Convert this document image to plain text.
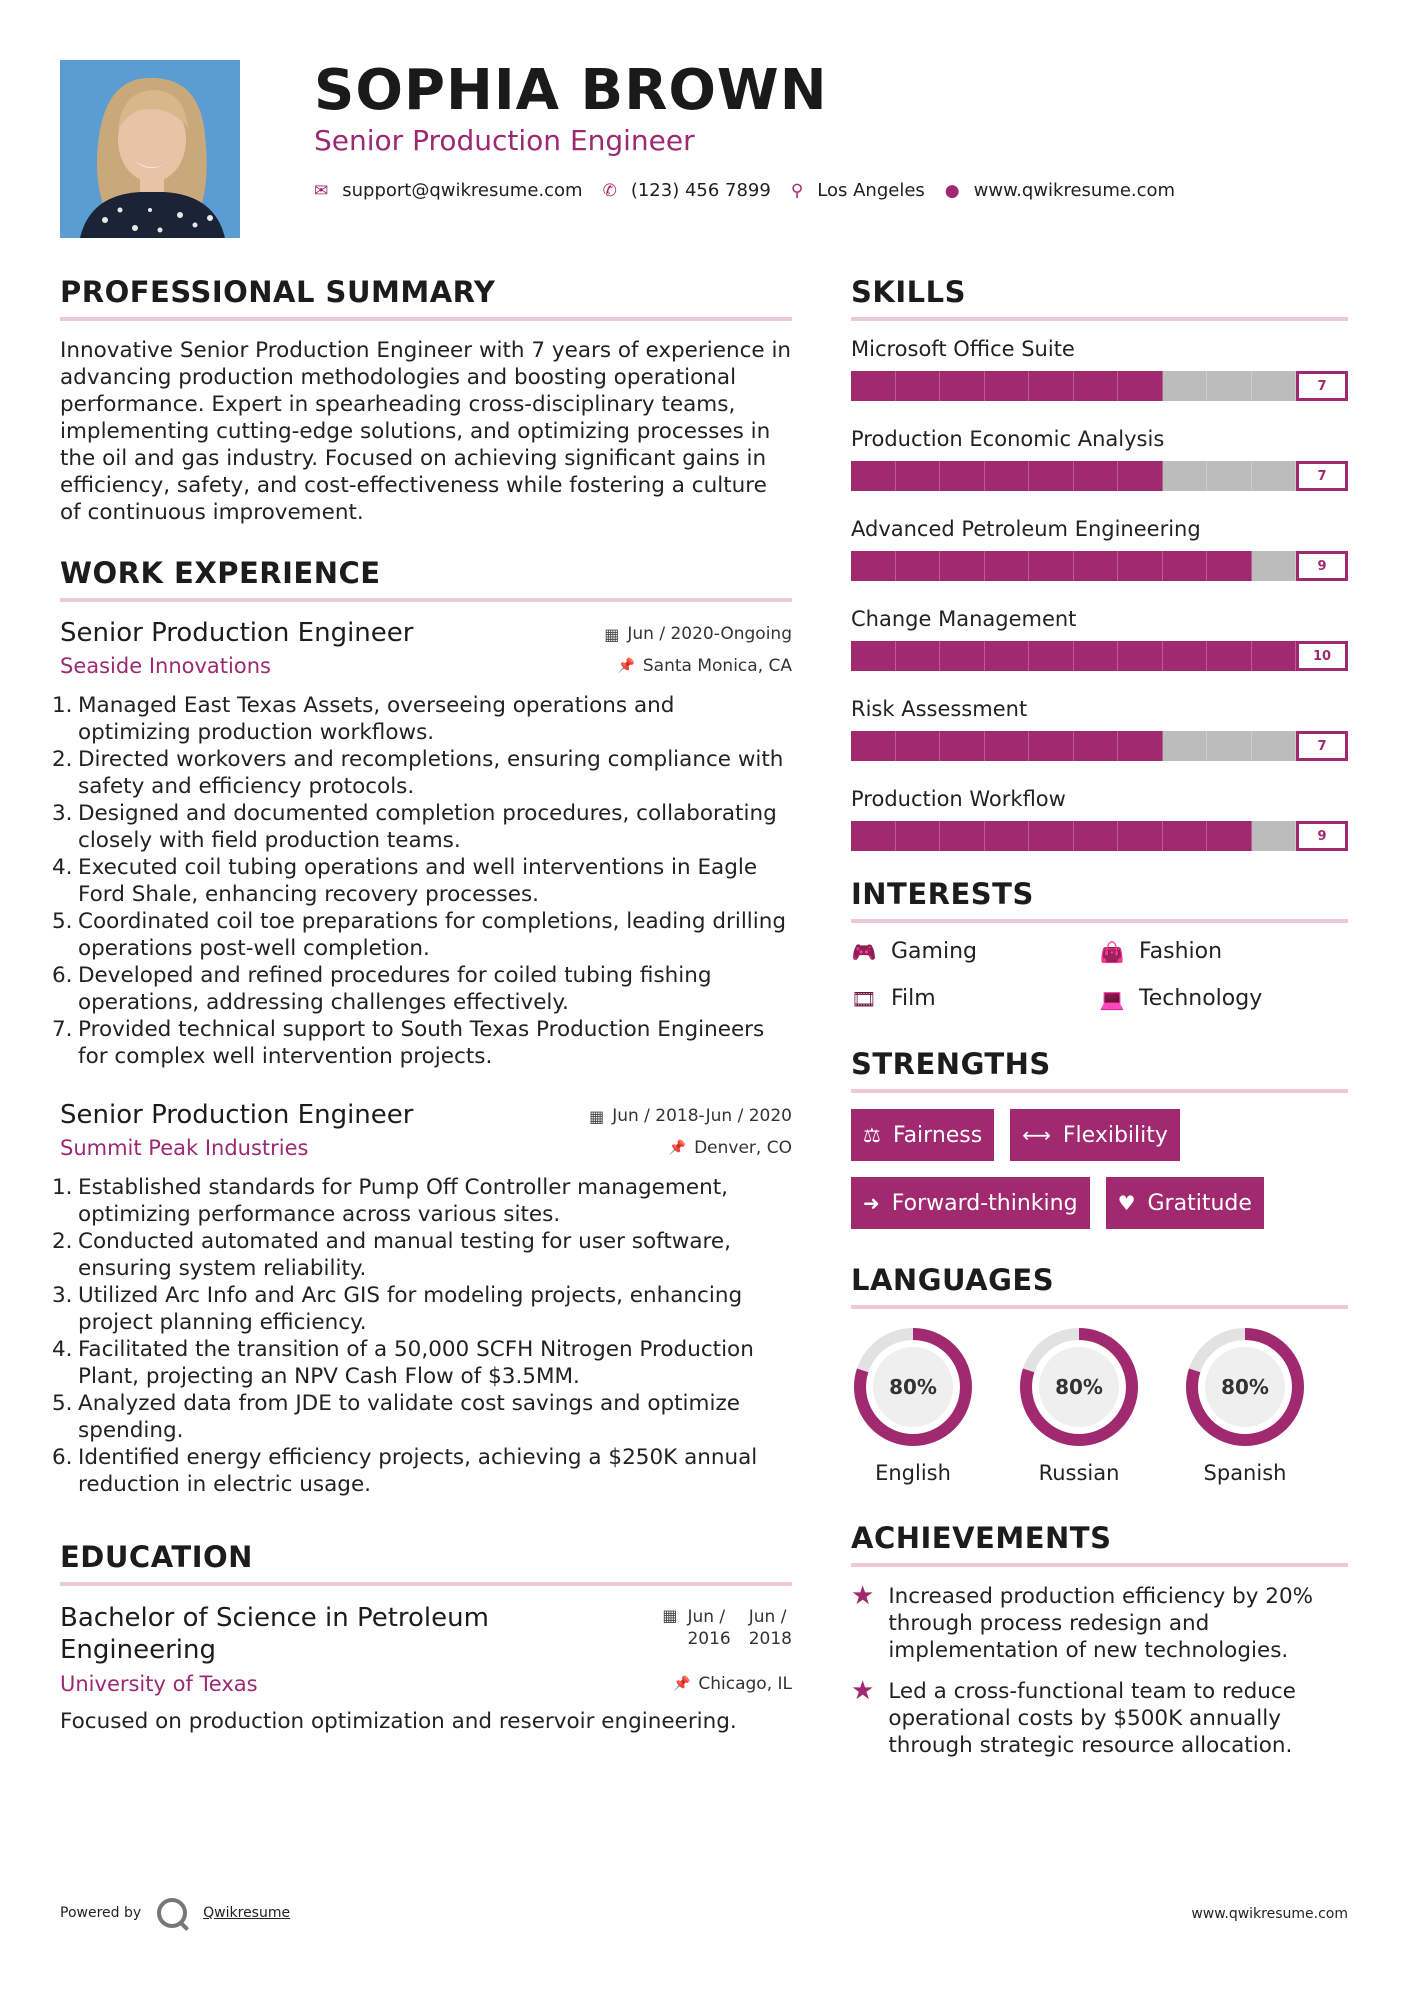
SOPHIA BROWN
Senior Production Engineer
✉ support@qwikresume.com ✆ (123) 456 7899 ⚲ Los Angeles ● www.qwikresume.com
PROFESSIONAL SUMMARY

Innovative Senior Production Engineer with 7 years of experience in advancing production methodologies and boosting operational performance. Expert in spearheading cross-disciplinary teams, implementing cutting-edge solutions, and optimizing processes in the oil and gas industry. Focused on achieving significant gains in efficiency, safety, and cost-effectiveness while fostering a culture of continuous improvement.

WORK EXPERIENCE
Senior Production Engineer	▦ Jun / 2020-Ongoing
Seaside Innovations	📌 Santa Monica, CA
1. Managed East Texas Assets, overseeing operations and optimizing production workflows.
2. Directed workovers and recompletions, ensuring compliance with safety and efficiency protocols.
3. Designed and documented completion procedures, collaborating closely with field production teams.
4. Executed coil tubing operations and well interventions in Eagle Ford Shale, enhancing recovery processes.
5. Coordinated coil toe preparations for completions, leading drilling operations post-well completion.
6. Developed and refined procedures for coiled tubing fishing operations, addressing challenges effectively.
7. Provided technical support to South Texas Production Engineers for complex well intervention projects.
Senior Production Engineer	▦ Jun / 2018-Jun / 2020
Summit Peak Industries	📌 Denver, CO
1. Established standards for Pump Off Controller management, optimizing performance across various sites.
2. Conducted automated and manual testing for user software, ensuring system reliability.
3. Utilized Arc Info and Arc GIS for modeling projects, enhancing project planning efficiency.
4. Facilitated the transition of a 50,000 SCFH Nitrogen Production Plant, projecting an NPV Cash Flow of $3.5MM.
5. Analyzed data from JDE to validate cost savings and optimize spending.
6. Identified energy efficiency projects, achieving a $250K annual reduction in electric usage.
EDUCATION
Bachelor of Science in Petroleum Engineering
▦ Jun /
2016
Jun /
2018
University of Texas	📌 Chicago, IL

Focused on production optimization and reservoir engineering.

SKILLS
Microsoft Office Suite
7
Production Economic Analysis
7
Advanced Petroleum Engineering
9
Change Management
10
Risk Assessment
7
Production Workflow
9
INTERESTS
🎮 Gaming	👜 Fashion
🎞 Film	💻 Technology
STRENGTHS
⚖ Fairness ⟷ Flexibility
➜ Forward-thinking ♥ Gratitude
LANGUAGES
80%
English
80%
Russian
80%
Spanish
ACHIEVEMENTS
★ Increased production efficiency by 20% through process redesign and implementation of new technologies.
★ Led a cross-functional team to reduce operational costs by $500K annually through strategic resource allocation.
Powered by	Qwikresume	www.qwikresume.com
